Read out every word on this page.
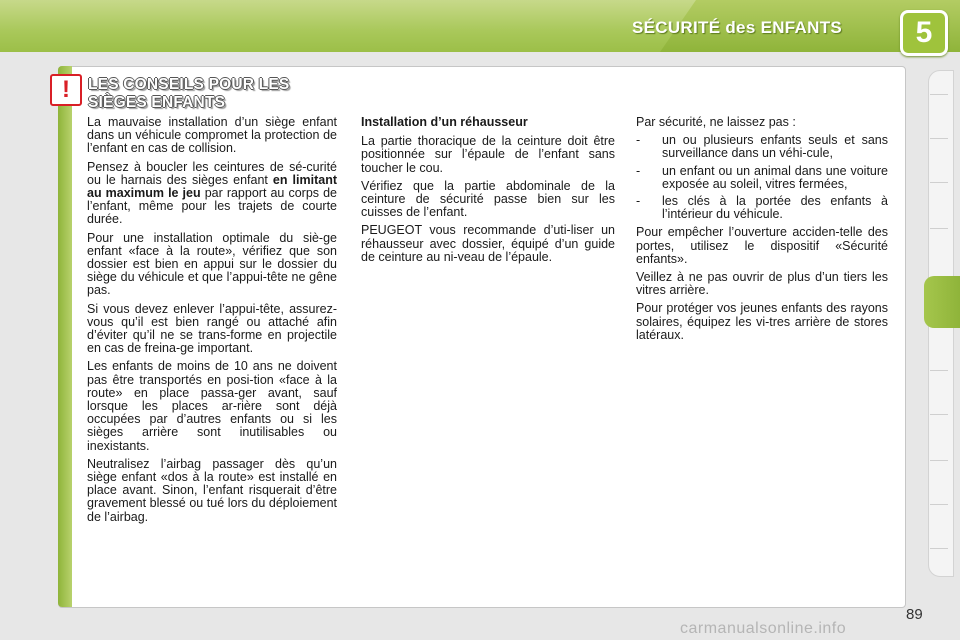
SÉCURITÉ des ENFANTS	5
!	LES CONSEILS POUR LES
SIÈGES ENFANTS

La mauvaise installation d’un siège enfant dans un véhicule compromet la protection de l’enfant en cas de collision.

Pensez à boucler les ceintures de sé-curité ou le harnais des sièges enfant en limitant au maximum le jeu par rapport au corps de l’enfant, même pour les trajets de courte durée.

Pour une installation optimale du siè-ge enfant «face à la route», vérifiez que son dossier est bien en appui sur le dossier du siège du véhicule et que l’appui-tête ne gêne pas.

Si vous devez enlever l’appui-tête, assurez-vous qu’il est bien rangé ou attaché afin d’éviter qu’il ne se trans-forme en projectile en cas de freina-ge important.

Les enfants de moins de 10 ans ne doivent pas être transportés en posi-tion «face à la route» en place passa-ger avant, sauf lorsque les places ar-rière sont déjà occupées par d’autres enfants ou si les sièges arrière sont inutilisables ou inexistants.

Neutralisez l’airbag passager dès qu’un siège enfant «dos à la route» est installé en place avant. Sinon, l’enfant risquerait d’être gravement blessé ou tué lors du déploiement de l’airbag.

Installation d’un réhausseur

La partie thoracique de la ceinture doit être positionnée sur l’épaule de l’enfant sans toucher le cou.

Vérifiez que la partie abdominale de la ceinture de sécurité passe bien sur les cuisses de l’enfant.

PEUGEOT vous recommande d’uti-liser un réhausseur avec dossier, équipé d’un guide de ceinture au ni-veau de l’épaule.

Par sécurité, ne laissez pas :

- un ou plusieurs enfants seuls et sans surveillance dans un véhi-cule,
- un enfant ou un animal dans une voiture exposée au soleil, vitres fermées,
- les clés à la portée des enfants à l’intérieur du véhicule.

Pour empêcher l’ouverture acciden-telle des portes, utilisez le dispositif «Sécurité enfants».

Veillez à ne pas ouvrir de plus d’un tiers les vitres arrière.

Pour protéger vos jeunes enfants des rayons solaires, équipez les vi-tres arrière de stores latéraux.

89
carmanualsonline.info
